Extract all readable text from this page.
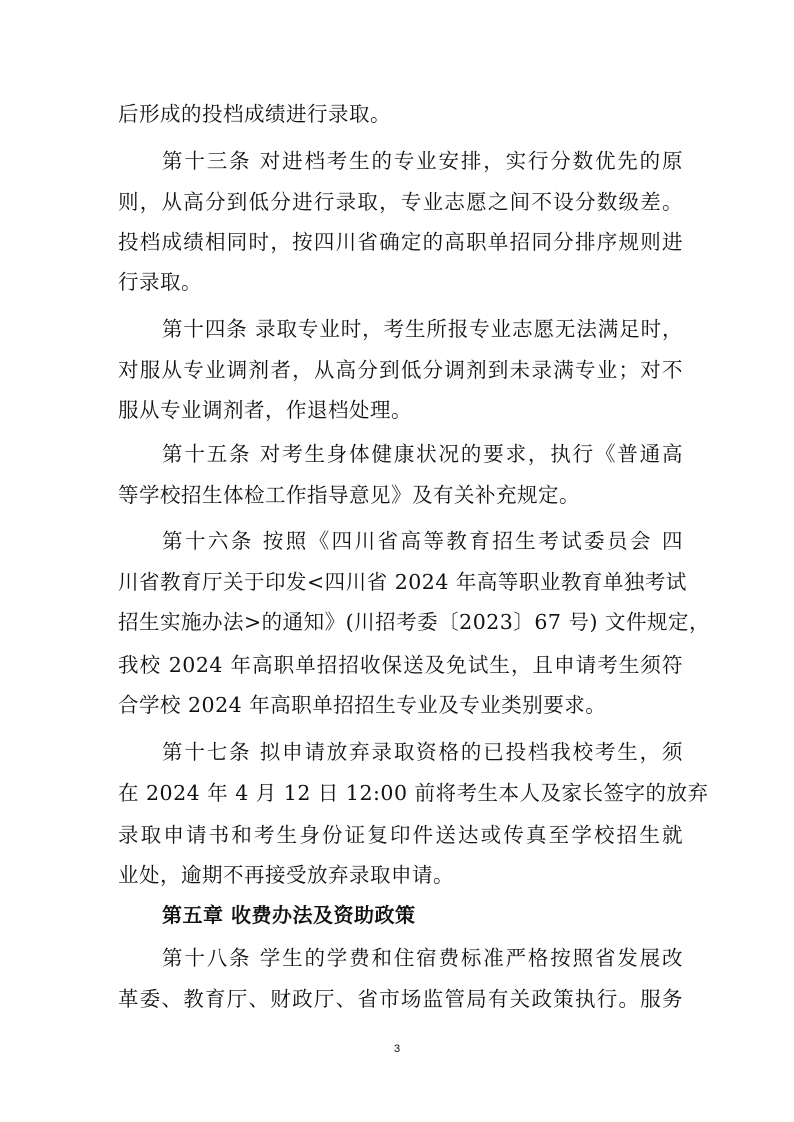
后形成的投档成绩进行录取。
第十三条 对进档考生的专业安排，实行分数优先的原
则，从高分到低分进行录取，专业志愿之间不设分数级差。
投档成绩相同时，按四川省确定的高职单招同分排序规则进
行录取。
第十四条 录取专业时，考生所报专业志愿无法满足时，
对服从专业调剂者，从高分到低分调剂到未录满专业；对不
服从专业调剂者，作退档处理。
第十五条 对考生身体健康状况的要求，执行《普通高
等学校招生体检工作指导意见》及有关补充规定。
第十六条 按照《四川省高等教育招生考试委员会 四
川省教育厅关于印发<四川省 2024 年高等职业教育单独考试
招生实施办法>的通知》(川招考委〔2023〕67 号) 文件规定，
我校 2024 年高职单招招收保送及免试生，且申请考生须符
合学校 2024 年高职单招招生专业及专业类别要求。
第十七条 拟申请放弃录取资格的已投档我校考生，须
在 2024 年 4 月 12 日 12:00 前将考生本人及家长签字的放弃
录取申请书和考生身份证复印件送达或传真至学校招生就
业处，逾期不再接受放弃录取申请。
第五章 收费办法及资助政策
第十八条 学生的学费和住宿费标准严格按照省发展改
革委、教育厅、财政厅、省市场监管局有关政策执行。服务
3
